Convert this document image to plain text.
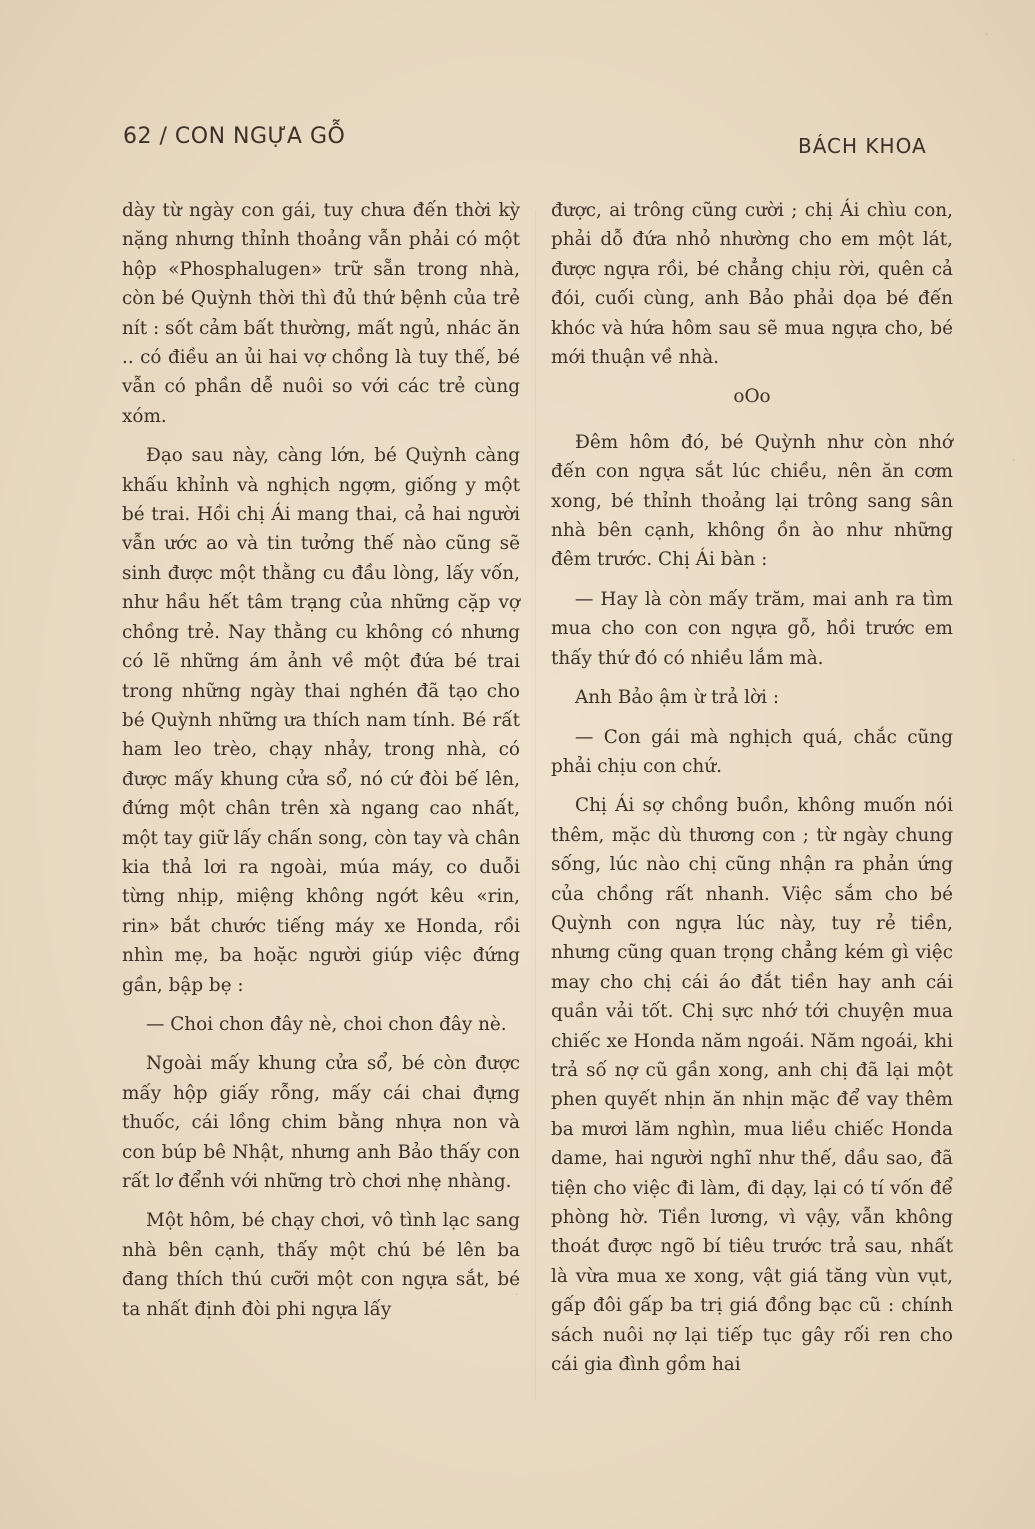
62 / CON NGỰA GỖ	BÁCH KHOA

dày từ ngày con gái, tuy chưa đến thời kỳ nặng nhưng thỉnh thoảng vẫn phải có một hộp «Phosphalugen» trữ sẵn trong nhà, còn bé Quỳnh thời thì đủ thứ bệnh của trẻ nít : sốt cảm bất thường, mất ngủ, nhác ăn .. có điều an ủi hai vợ chồng là tuy thế, bé vẫn có phần dễ nuôi so với các trẻ cùng xóm.

Đạo sau này, càng lớn, bé Quỳnh càng khấu khỉnh và nghịch ngợm, giống y một bé trai. Hồi chị Ái mang thai, cả hai người vẫn ước ao và tin tưởng thế nào cũng sẽ sinh được một thằng cu đầu lòng, lấy vốn, như hầu hết tâm trạng của những cặp vợ chồng trẻ. Nay thằng cu không có nhưng có lẽ những ám ảnh về một đứa bé trai trong những ngày thai nghén đã tạo cho bé Quỳnh những ưa thích nam tính. Bé rất ham leo trèo, chạy nhảy, trong nhà, có được mấy khung cửa sổ, nó cứ đòi bế lên, đứng một chân trên xà ngang cao nhất, một tay giữ lấy chấn song, còn tay và chân kia thả lơi ra ngoài, múa máy, co duỗi từng nhịp, miệng không ngớt kêu «rin, rin» bắt chước tiếng máy xe Honda, rồi nhìn mẹ, ba hoặc người giúp việc đứng gần, bập bẹ :

— Choi chon đây nè, choi chon đây nè.

Ngoài mấy khung cửa sổ, bé còn được mấy hộp giấy rỗng, mấy cái chai đựng thuốc, cái lồng chim bằng nhựa non và con búp bê Nhật, nhưng anh Bảo thấy con rất lơ đểnh với những trò chơi nhẹ nhàng.

Một hôm, bé chạy chơi, vô tình lạc sang nhà bên cạnh, thấy một chú bé lên ba đang thích thú cưỡi một con ngựa sắt, bé ta nhất định đòi phi ngựa lấy

được, ai trông cũng cười ; chị Ái chìu con, phải dỗ đứa nhỏ nhường cho em một lát, được ngựa rồi, bé chẳng chịu rời, quên cả đói, cuối cùng, anh Bảo phải dọa bé đến khóc và hứa hôm sau sẽ mua ngựa cho, bé mới thuận về nhà.

oOo

Đêm hôm đó, bé Quỳnh như còn nhớ đến con ngựa sắt lúc chiều, nên ăn cơm xong, bé thỉnh thoảng lại trông sang sân nhà bên cạnh, không ồn ào như những đêm trước. Chị Ái bàn :

— Hay là còn mấy trăm, mai anh ra tìm mua cho con con ngựa gỗ, hồi trước em thấy thứ đó có nhiều lắm mà.

Anh Bảo ậm ừ trả lời :

— Con gái mà nghịch quá, chắc cũng phải chịu con chứ.

Chị Ái sợ chồng buồn, không muốn nói thêm, mặc dù thương con ; từ ngày chung sống, lúc nào chị cũng nhận ra phản ứng của chồng rất nhanh. Việc sắm cho bé Quỳnh con ngựa lúc này, tuy rẻ tiền, nhưng cũng quan trọng chẳng kém gì việc may cho chị cái áo đắt tiền hay anh cái quần vải tốt. Chị sực nhớ tới chuyện mua chiếc xe Honda năm ngoái. Năm ngoái, khi trả số nợ cũ gần xong, anh chị đã lại một phen quyết nhịn ăn nhịn mặc để vay thêm ba mươi lăm nghìn, mua liều chiếc Honda dame, hai người nghĩ như thế, dầu sao, đã tiện cho việc đi làm, đi dạy, lại có tí vốn để phòng hờ. Tiền lương, vì vậy, vẫn không thoát được ngõ bí tiêu trước trả sau, nhất là vừa mua xe xong, vật giá tăng vùn vụt, gấp đôi gấp ba trị giá đồng bạc cũ : chính sách nuôi nợ lại tiếp tục gây rối ren cho cái gia đình gồm hai

·
-
·
